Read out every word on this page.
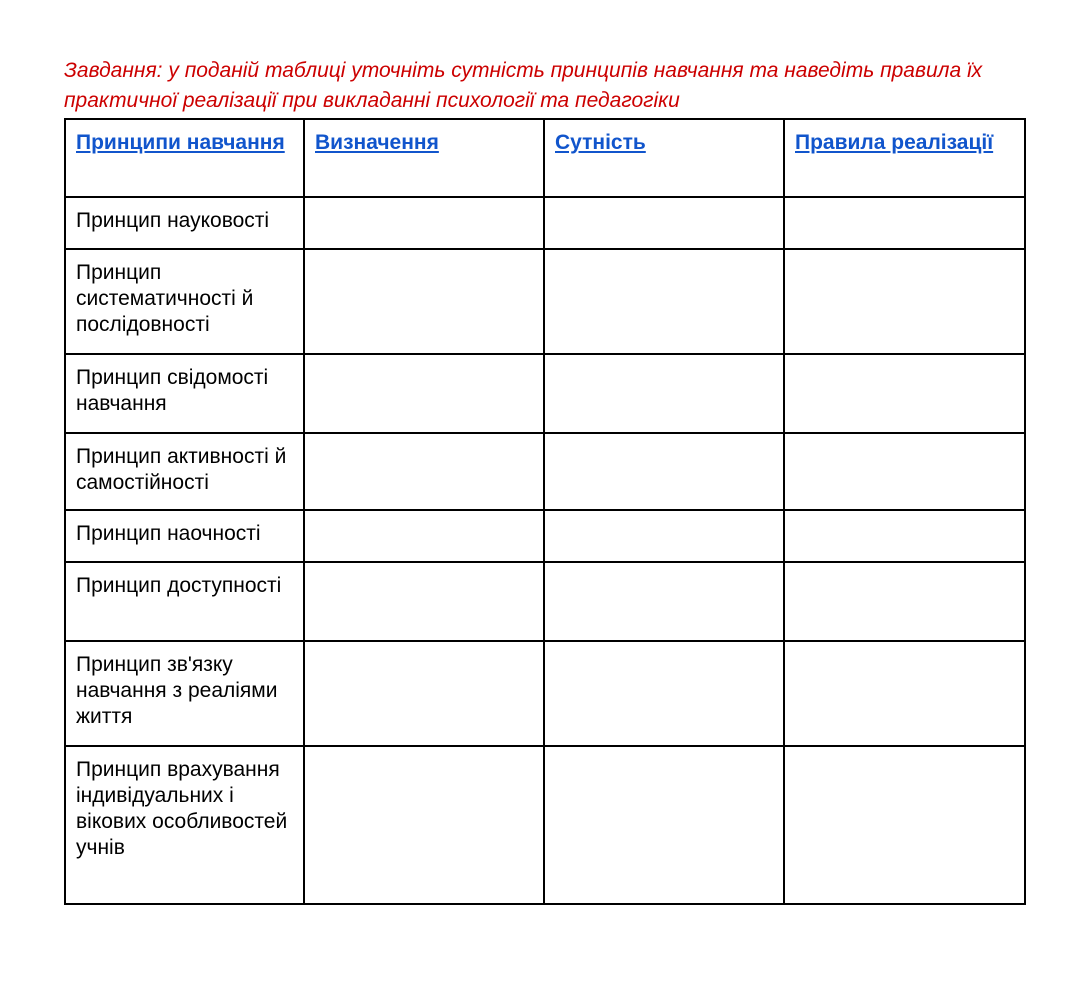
Завдання: у поданій таблиці уточніть сутність принципів навчання та наведіть правила їх практичної реалізації при викладанні психології та педагогіки

Принципи навчання	Визначення	Сутність	Правила реалізації
Принцип науковості			
Принцип систематичності й послідовності			
Принцип свідомості навчання			
Принцип активності й самостійності			
Принцип наочності			
Принцип доступності			
Принцип зв'язку навчання з реаліями життя			
Принцип врахування індивідуальних і вікових особливостей учнів			
